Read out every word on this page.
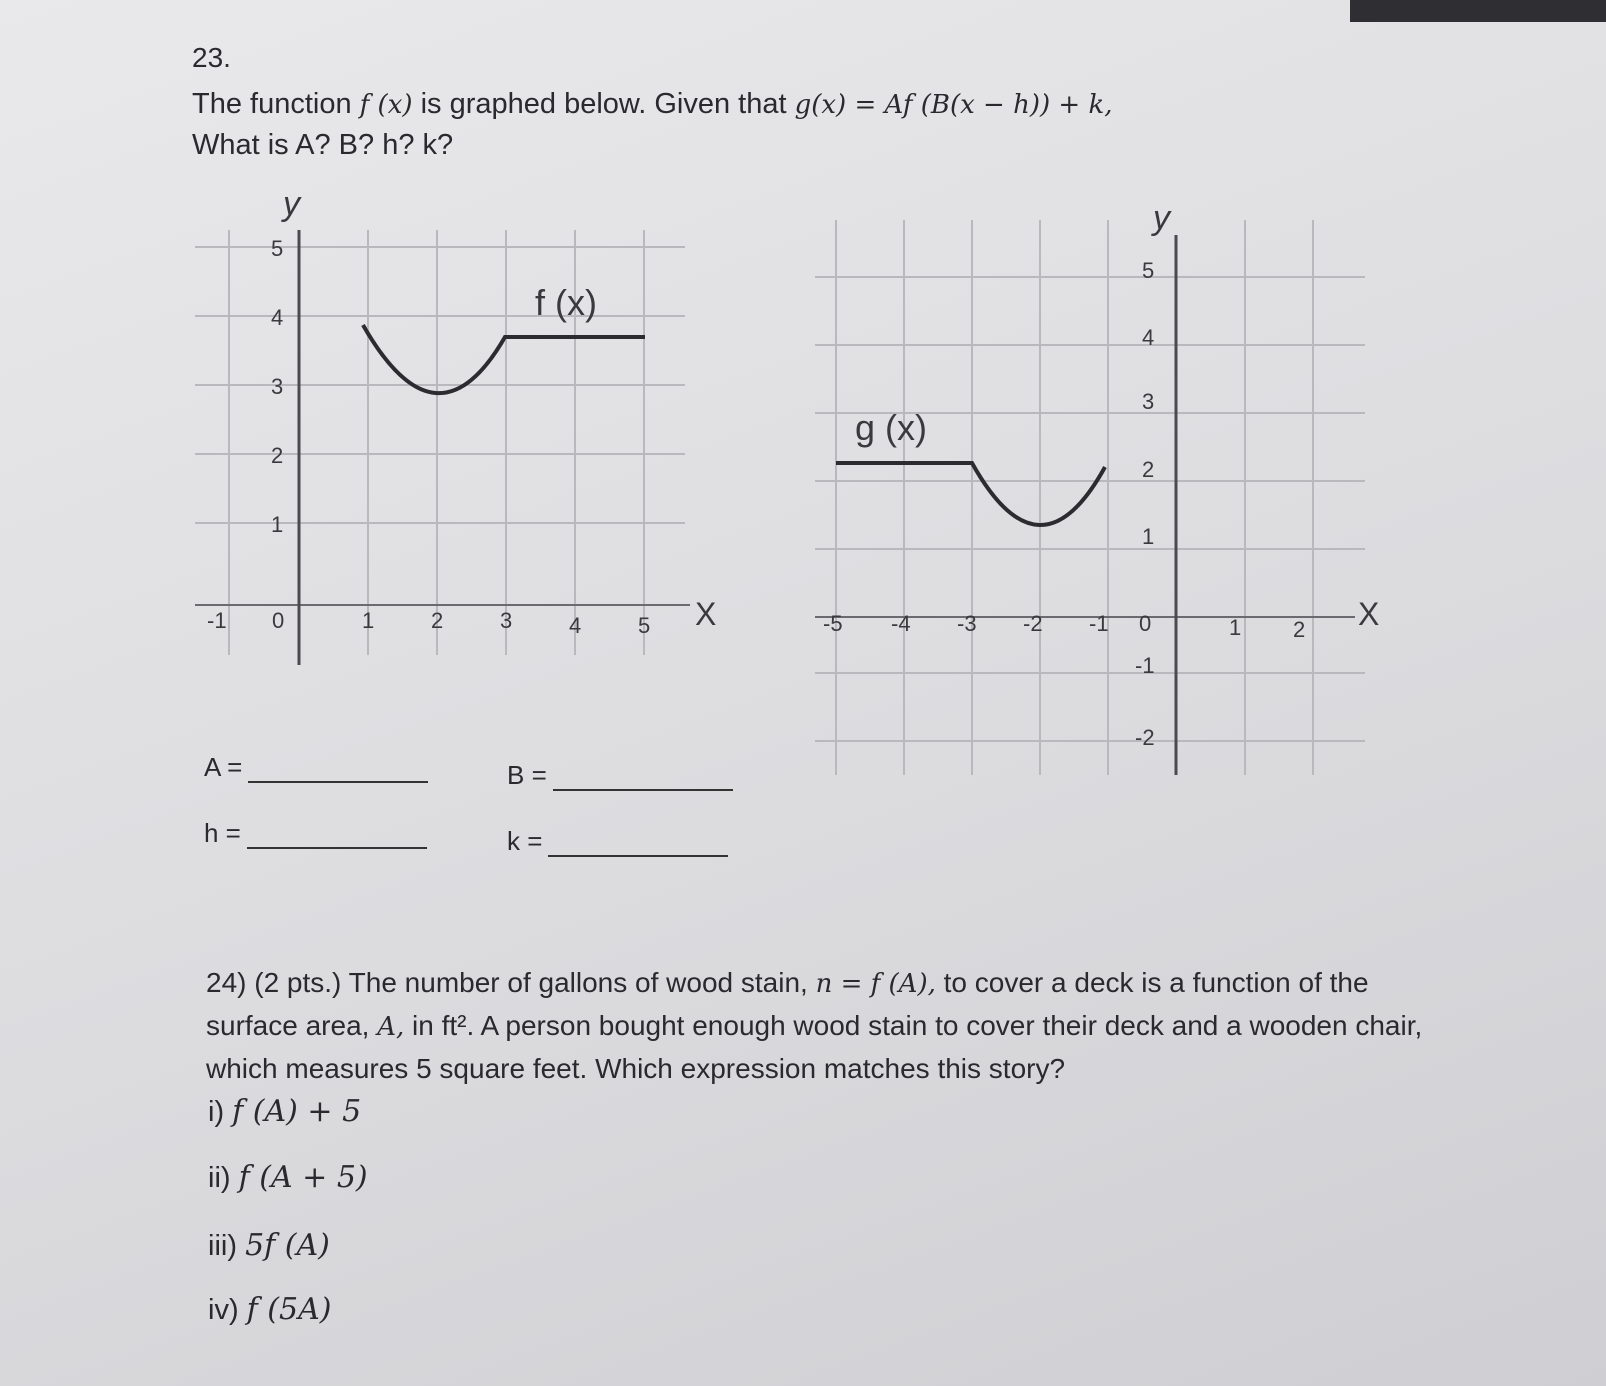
23.
The function f (x) is graphed below. Given that g(x) = Af (B(x − h)) + k,
What is A? B? h? k?
X
y
-1 0	1	2	3	4	5
1
2
3
4
5
f (x)
X
y
-5 -4 -3 -2 -1 0	1 2
5
4
3
2
1
-1
-2
g (x)
A =	B =
h =	k =
24) (2 pts.) The number of gallons of wood stain, n = f (A), to cover a deck is a function of the surface area, A, in ft². A person bought enough wood stain to cover their deck and a wooden chair, which measures 5 square feet. Which expression matches this story?
i) f (A) + 5
ii) f (A + 5)
iii) 5f (A)
iv) f (5A)
